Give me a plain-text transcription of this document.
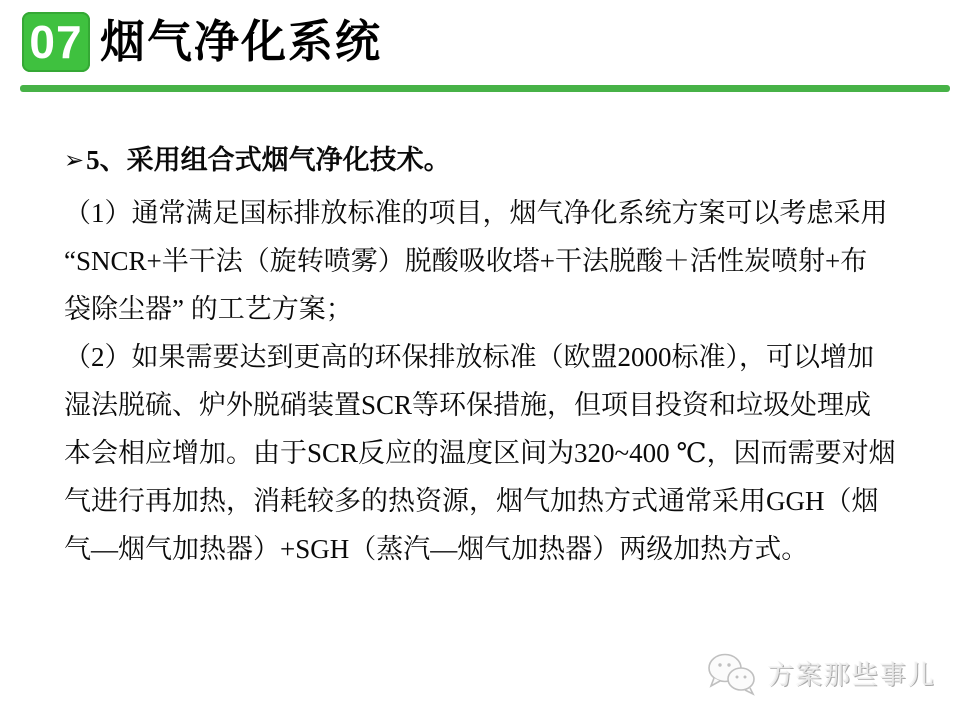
07 烟气净化系统

➢ 5、采用组合式烟气净化技术。

（1）通常满足国标排放标准的项目，烟气净化系统方案可以考虑采用

“SNCR+半干法（旋转喷雾）脱酸吸收塔+干法脱酸＋活性炭喷射+布

袋除尘器” 的工艺方案；

（2）如果需要达到更高的环保排放标准（欧盟2000标准），可以增加

湿法脱硫、炉外脱硝装置SCR等环保措施，但项目投资和垃圾处理成

本会相应增加。由于SCR反应的温度区间为320~400 ℃，因而需要对烟

气进行再加热，消耗较多的热资源，烟气加热方式通常采用GGH（烟

气—烟气加热器）+SGH（蒸汽—烟气加热器）两级加热方式。

方案那些事儿
